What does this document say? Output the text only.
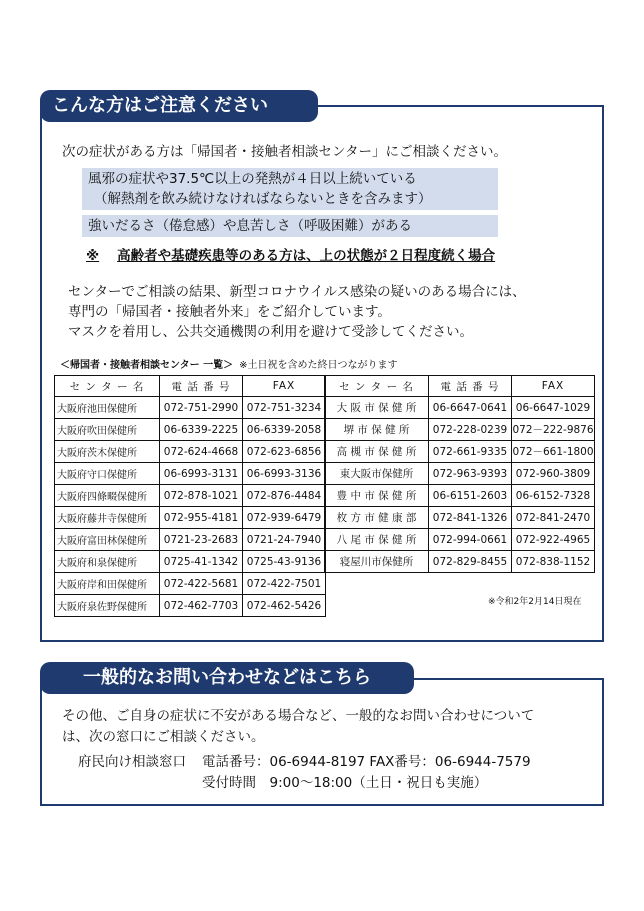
こんな方はご注意ください
次の症状がある方は「帰国者・接触者相談センター」にご相談ください。
風邪の症状や37.5℃以上の発熱が４日以上続いている
（解熱剤を飲み続けなければならないときを含みます）
強いだるさ（倦怠感）や息苦しさ（呼吸困難）がある
※ 高齢者や基礎疾患等のある方は、上の状態が２日程度続く場合
センターでご相談の結果、新型コロナウイルス感染の疑いのある場合には、
専門の「帰国者・接触者外来」をご紹介しています。
マスクを着用し、公共交通機関の利用を避けて受診してください。
＜帰国者・接触者相談センター 一覧＞ ※土日祝を含めた終日つながります
セ ン タ ー 名	電 話 番 号	FAX
大阪府池田保健所	072-751-2990	072-751-3234
大阪府吹田保健所	06-6339-2225	06-6339-2058
大阪府茨木保健所	072-624-4668	072-623-6856
大阪府守口保健所	06-6993-3131	06-6993-3136
大阪府四條畷保健所	072-878-1021	072-876-4484
大阪府藤井寺保健所	072-955-4181	072-939-6479
大阪府富田林保健所	0721-23-2683	0721-24-7940
大阪府和泉保健所	0725-41-1342	0725-43-9136
大阪府岸和田保健所	072-422-5681	072-422-7501
大阪府泉佐野保健所	072-462-7703	072-462-5426
セ ン タ ー 名	電 話 番 号	FAX
大 阪 市 保 健 所	06-6647-0641	06-6647-1029
堺 市 保 健 所	072-228-0239	072－222-9876
高 槻 市 保 健 所	072-661-9335	072－661-1800
東大阪市保健所	072-963-9393	072-960-3809
豊 中 市 保 健 所	06-6151-2603	06-6152-7328
枚 方 市 健 康 部	072-841-1326	072-841-2470
八 尾 市 保 健 所	072-994-0661	072-922-4965
寝屋川市保健所	072-829-8455	072-838-1152
※令和2年2月14日現在
一般的なお問い合わせなどはこちら
その他、ご自身の症状に不安がある場合など、一般的なお問い合わせについて
は、次の窓口にご相談ください。
府民向け相談窓口 電話番号：06-6944-8197 FAX番号：06-6944-7579
受付時間　9:00～18:00（土日・祝日も実施）
